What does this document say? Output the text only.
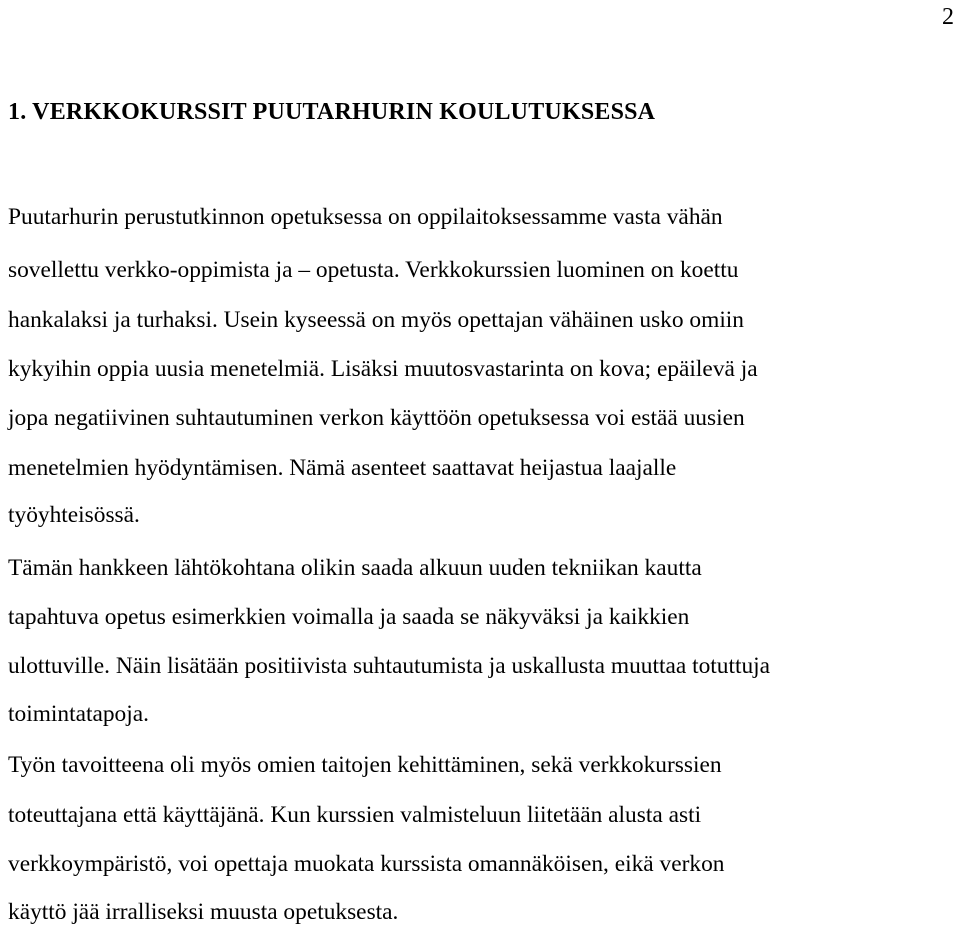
2
1. VERKKOKURSSIT PUUTARHURIN KOULUTUKSESSA

Puutarhurin perustutkinnon opetuksessa on oppilaitoksessamme vasta vähän

sovellettu verkko-oppimista ja – opetusta. Verkkokurssien luominen on koettu

hankalaksi ja turhaksi. Usein kyseessä on myös opettajan vähäinen usko omiin

kykyihin oppia uusia menetelmiä. Lisäksi muutosvastarinta on kova; epäilevä ja

jopa negatiivinen suhtautuminen verkon käyttöön opetuksessa voi estää uusien

menetelmien hyödyntämisen. Nämä asenteet saattavat heijastua laajalle

työyhteisössä.

Tämän hankkeen lähtökohtana olikin saada alkuun uuden tekniikan kautta

tapahtuva opetus esimerkkien voimalla ja saada se näkyväksi ja kaikkien

ulottuville. Näin lisätään positiivista suhtautumista ja uskallusta muuttaa totuttuja

toimintatapoja.

Työn tavoitteena oli myös omien taitojen kehittäminen, sekä verkkokurssien

toteuttajana että käyttäjänä. Kun kurssien valmisteluun liitetään alusta asti

verkkoympäristö, voi opettaja muokata kurssista omannäköisen, eikä verkon

käyttö jää irralliseksi muusta opetuksesta.
